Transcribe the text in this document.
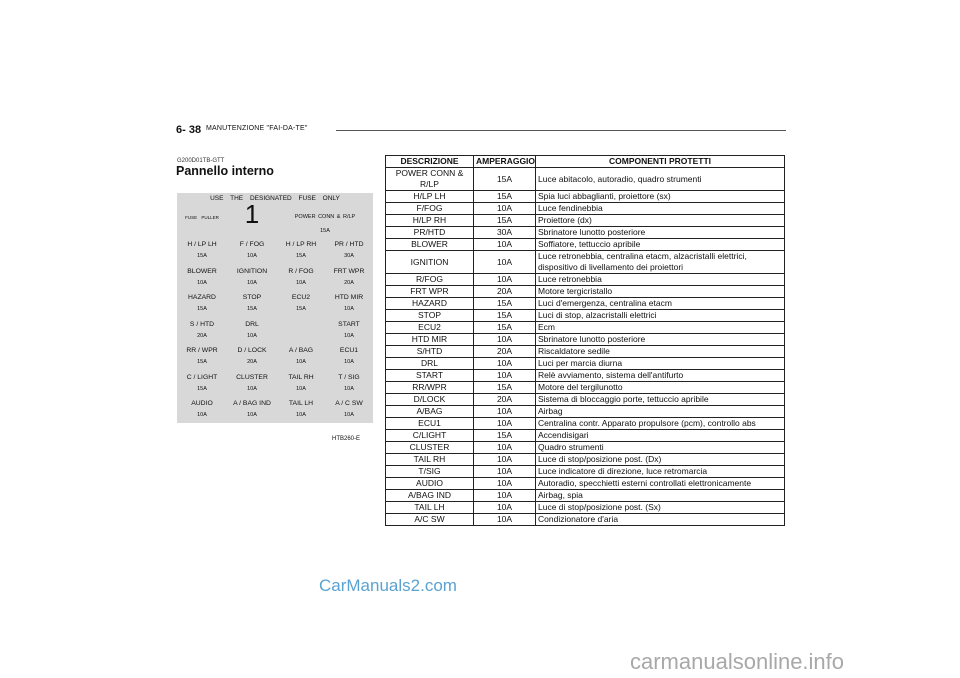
6- 38 MANUTENZIONE "FAI-DA-TE"
G200D01TB-GTT
Pannello interno
USE THE DESIGNATED FUSE ONLY
FUSE PULLER 1	POWER CONN & R/LP
15A
H / LP LH
15A
BLOWER
10A
HAZARD
15A
S / HTD
20A
RR / WPR
15A
C / LIGHT
15A
AUDIO
10A
F / FOG
10A
IGNITION
10A
STOP
15A
DRL
10A
D / LOCK
20A
CLUSTER
10A
A / BAG IND
10A
H / LP RH
15A
R / FOG
10A
ECU2
15A
A / BAG
10A
TAIL RH
10A
TAIL LH
10A
PR / HTD
30A
FRT WPR
20A
HTD MIR
10A
START
10A
ECU1
10A
T / SIG
10A
A / C SW
10A
HTB260-E
DESCRIZIONE	AMPERAGGIO	COMPONENTI PROTETTI
POWER CONN & R/LP	15A	Luce abitacolo, autoradio, quadro strumenti
H/LP LH	15A	Spia luci abbaglianti, proiettore (sx)
F/FOG	10A	Luce fendinebbia
H/LP RH	15A	Proiettore (dx)
PR/HTD	30A	Sbrinatore lunotto posteriore
BLOWER	10A	Soffiatore, tettuccio apribile
IGNITION	10A	Luce retronebbia, centralina etacm, alzacristalli elettrici, dispositivo di livellamento dei proiettori
R/FOG	10A	Luce retronebbia
FRT WPR	20A	Motore tergicristallo
HAZARD	15A	Luci d'emergenza, centralina etacm
STOP	15A	Luci di stop, alzacristalli elettrici
ECU2	15A	Ecm
HTD MIR	10A	Sbrinatore lunotto posteriore
S/HTD	20A	Riscaldatore sedile
DRL	10A	Luci per marcia diurna
START	10A	Relè avviamento, sistema dell'antifurto
RR/WPR	15A	Motore del tergilunotto
D/LOCK	20A	Sistema di bloccaggio porte, tettuccio apribile
A/BAG	10A	Airbag
ECU1	10A	Centralina contr. Apparato propulsore (pcm), controllo abs
C/LIGHT	15A	Accendisigari
CLUSTER	10A	Quadro strumenti
TAIL RH	10A	Luce di stop/posizione post. (Dx)
T/SIG	10A	Luce indicatore di direzione, luce retromarcia
AUDIO	10A	Autoradio, specchietti esterni controllati elettronicamente
A/BAG IND	10A	Airbag, spia
TAIL LH	10A	Luce di stop/posizione post. (Sx)
A/C SW	10A	Condizionatore d'aria
CarManuals2.com
carmanualsonline.info
